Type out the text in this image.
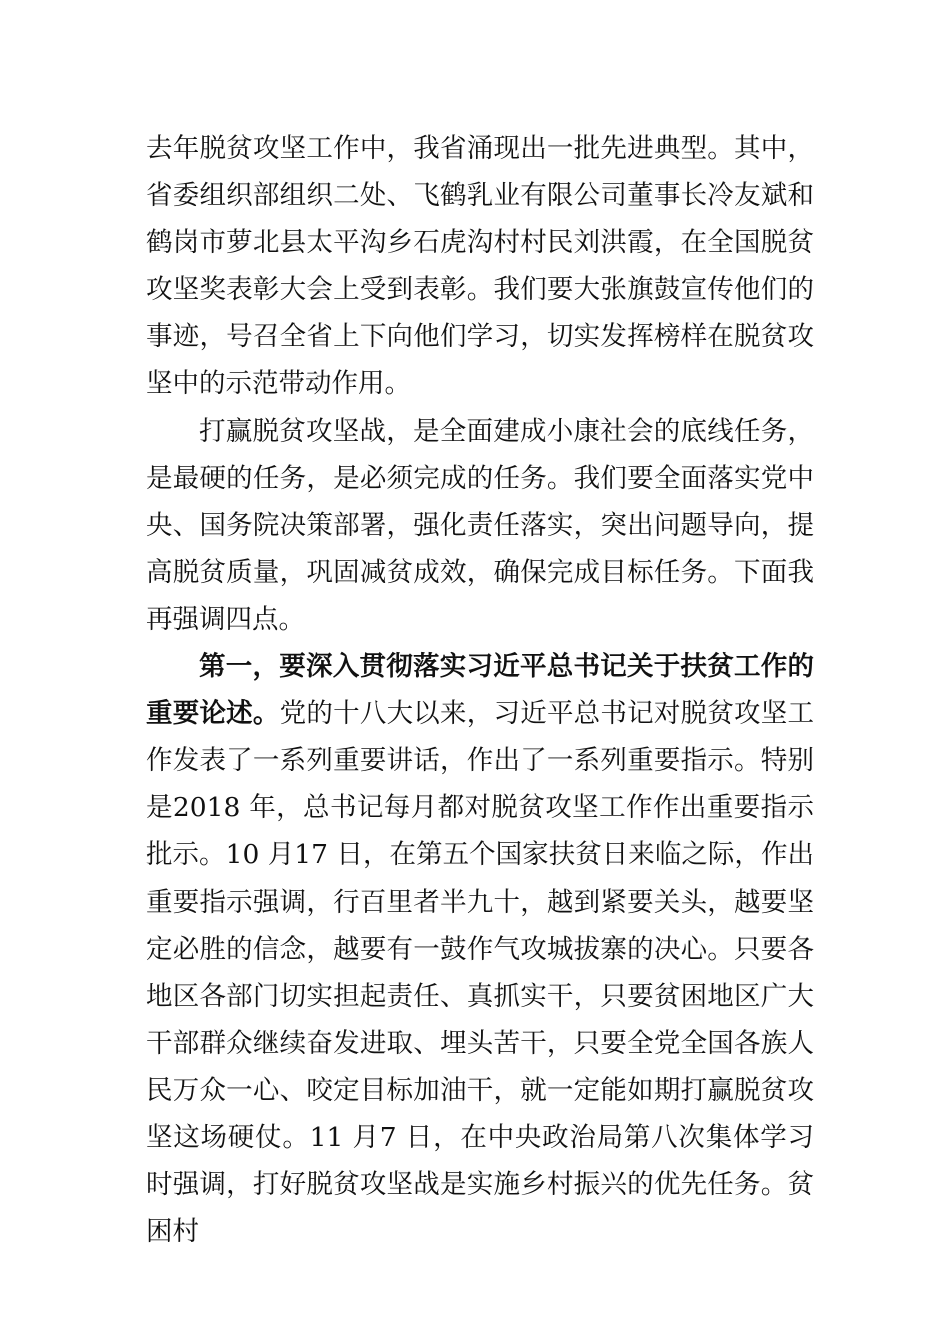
去年脱贫攻坚工作中，我省涌现出一批先进典型。其中，省委组织部组织二处、飞鹤乳业有限公司董事长冷友斌和鹤岗市萝北县太平沟乡石虎沟村村民刘洪霞，在全国脱贫攻坚奖表彰大会上受到表彰。我们要大张旗鼓宣传他们的事迹，号召全省上下向他们学习，切实发挥榜样在脱贫攻坚中的示范带动作用。

打赢脱贫攻坚战，是全面建成小康社会的底线任务，是最硬的任务，是必须完成的任务。我们要全面落实党中央、国务院决策部署，强化责任落实，突出问题导向，提高脱贫质量，巩固减贫成效，确保完成目标任务。下面我再强调四点。

第一，要深入贯彻落实习近平总书记关于扶贫工作的重要论述。党的十八大以来，习近平总书记对脱贫攻坚工作发表了一系列重要讲话，作出了一系列重要指示。特别是2018 年，总书记每月都对脱贫攻坚工作作出重要指示批示。10 月17 日，在第五个国家扶贫日来临之际，作出重要指示强调，行百里者半九十，越到紧要关头，越要坚定必胜的信念，越要有一鼓作气攻城拔寨的决心。只要各地区各部门切实担起责任、真抓实干，只要贫困地区广大干部群众继续奋发进取、埋头苦干，只要全党全国各族人民万众一心、咬定目标加油干，就一定能如期打赢脱贫攻坚这场硬仗。11 月7 日，在中央政治局第八次集体学习时强调，打好脱贫攻坚战是实施乡村振兴的优先任务。贫困村
